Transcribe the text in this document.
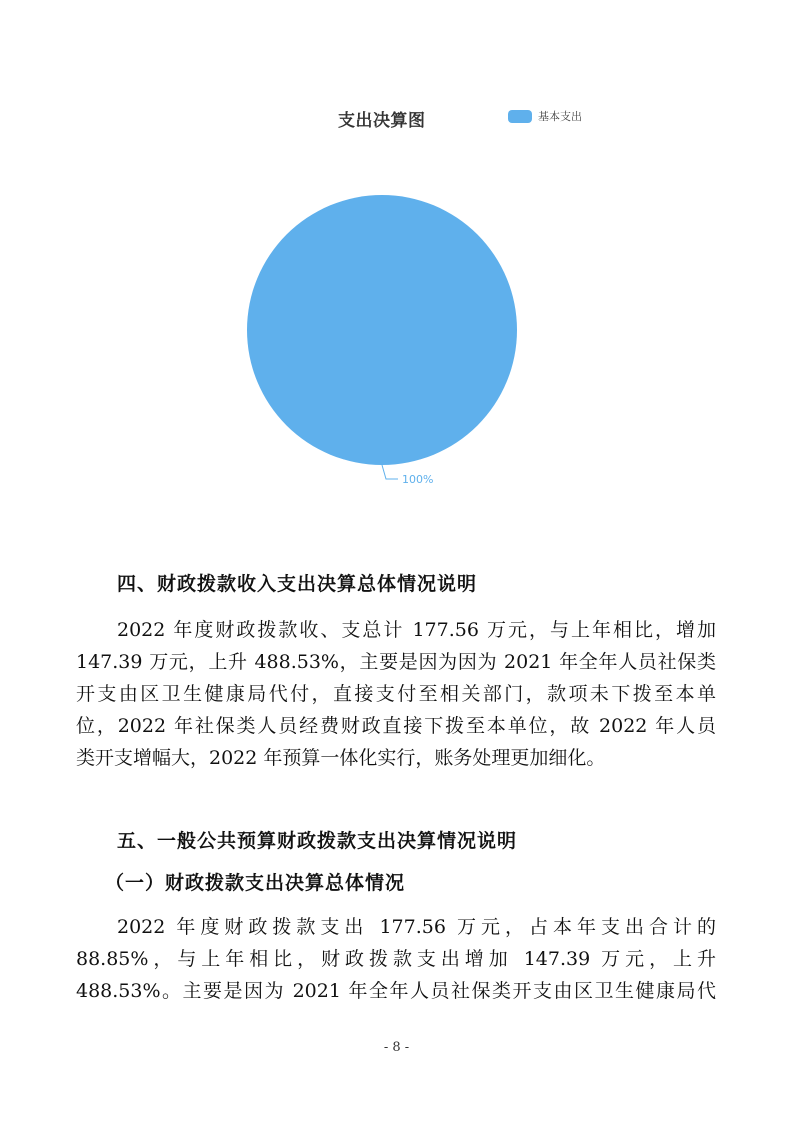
支出决算图	基本支出
100%
四、财政拨款收入支出决算总体情况说明
2022 年度财政拨款收、支总计 177.56 万元，与上年相比，增加
147.39 万元，上升 488.53%，主要是因为因为 2021 年全年人员社保类
开支由区卫生健康局代付，直接支付至相关部门，款项未下拨至本单
位，2022 年社保类人员经费财政直接下拨至本单位，故 2022 年人员
类开支增幅大，2022 年预算一体化实行，账务处理更加细化。
五、一般公共预算财政拨款支出决算情况说明
（一）财政拨款支出决算总体情况
2022 年度财政拨款支出 177.56 万元，占本年支出合计的
88.85%，与上年相比，财政拨款支出增加 147.39 万元，上升
488.53%。主要是因为 2021 年全年人员社保类开支由区卫生健康局代
- 8 -
